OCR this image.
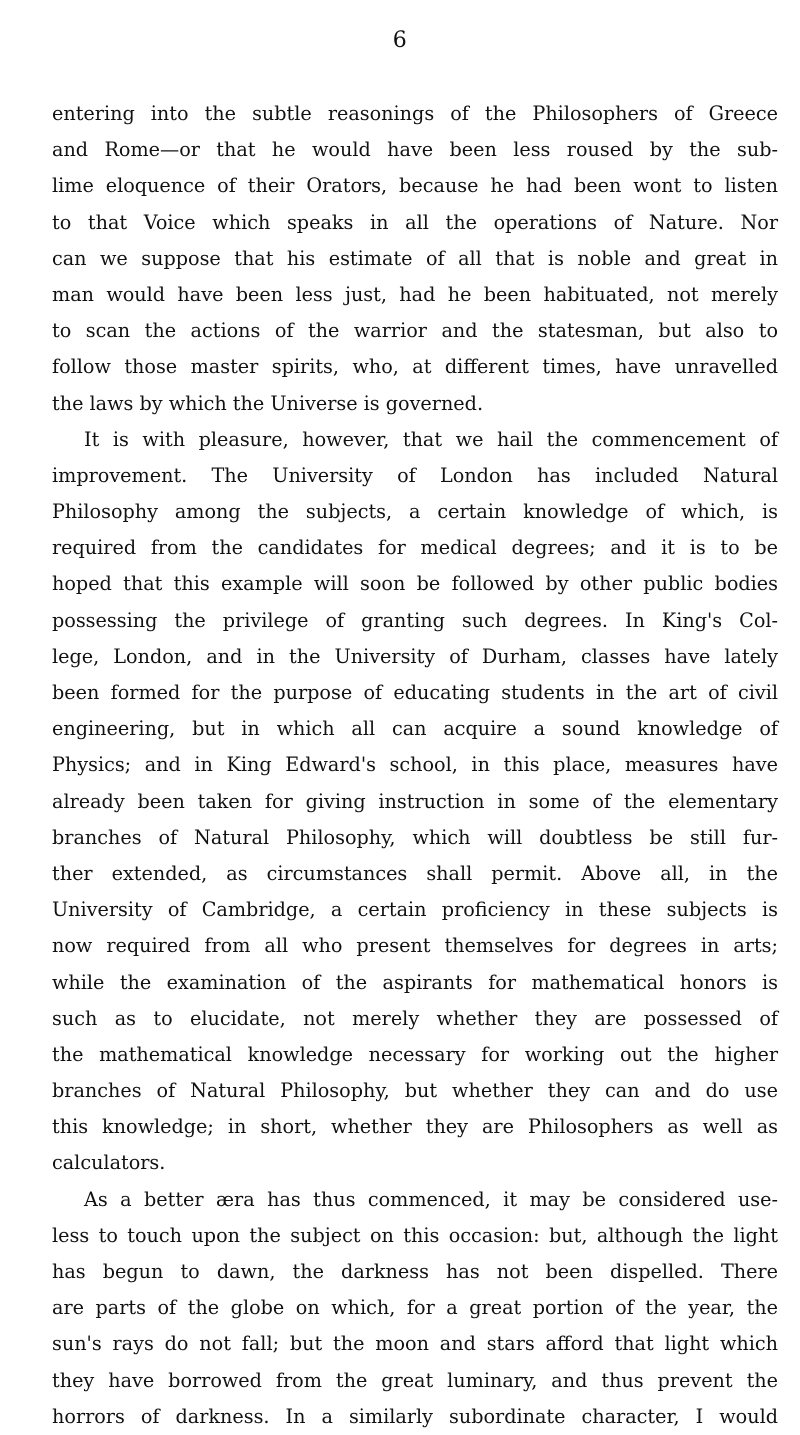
6
entering into the subtle reasonings of the Philosophers of Greece
and Rome—or that he would have been less roused by the sub-
lime eloquence of their Orators, because he had been wont to listen
to that Voice which speaks in all the operations of Nature. Nor
can we suppose that his estimate of all that is noble and great in
man would have been less just, had he been habituated, not merely
to scan the actions of the warrior and the statesman, but also to
follow those master spirits, who, at different times, have unravelled
the laws by which the Universe is governed.
It is with pleasure, however, that we hail the commencement of
improvement. The University of London has included Natural
Philosophy among the subjects, a certain knowledge of which, is
required from the candidates for medical degrees; and it is to be
hoped that this example will soon be followed by other public bodies
possessing the privilege of granting such degrees. In King's Col-
lege, London, and in the University of Durham, classes have lately
been formed for the purpose of educating students in the art of civil
engineering, but in which all can acquire a sound knowledge of
Physics; and in King Edward's school, in this place, measures have
already been taken for giving instruction in some of the elementary
branches of Natural Philosophy, which will doubtless be still fur-
ther extended, as circumstances shall permit. Above all, in the
University of Cambridge, a certain proficiency in these subjects is
now required from all who present themselves for degrees in arts;
while the examination of the aspirants for mathematical honors is
such as to elucidate, not merely whether they are possessed of
the mathematical knowledge necessary for working out the higher
branches of Natural Philosophy, but whether they can and do use
this knowledge; in short, whether they are Philosophers as well as
calculators.
As a better æra has thus commenced, it may be considered use-
less to touch upon the subject on this occasion: but, although the light
has begun to dawn, the darkness has not been dispelled. There
are parts of the globe on which, for a great portion of the year, the
sun's rays do not fall; but the moon and stars afford that light which
they have borrowed from the great luminary, and thus prevent the
horrors of darkness. In a similarly subordinate character, I would
